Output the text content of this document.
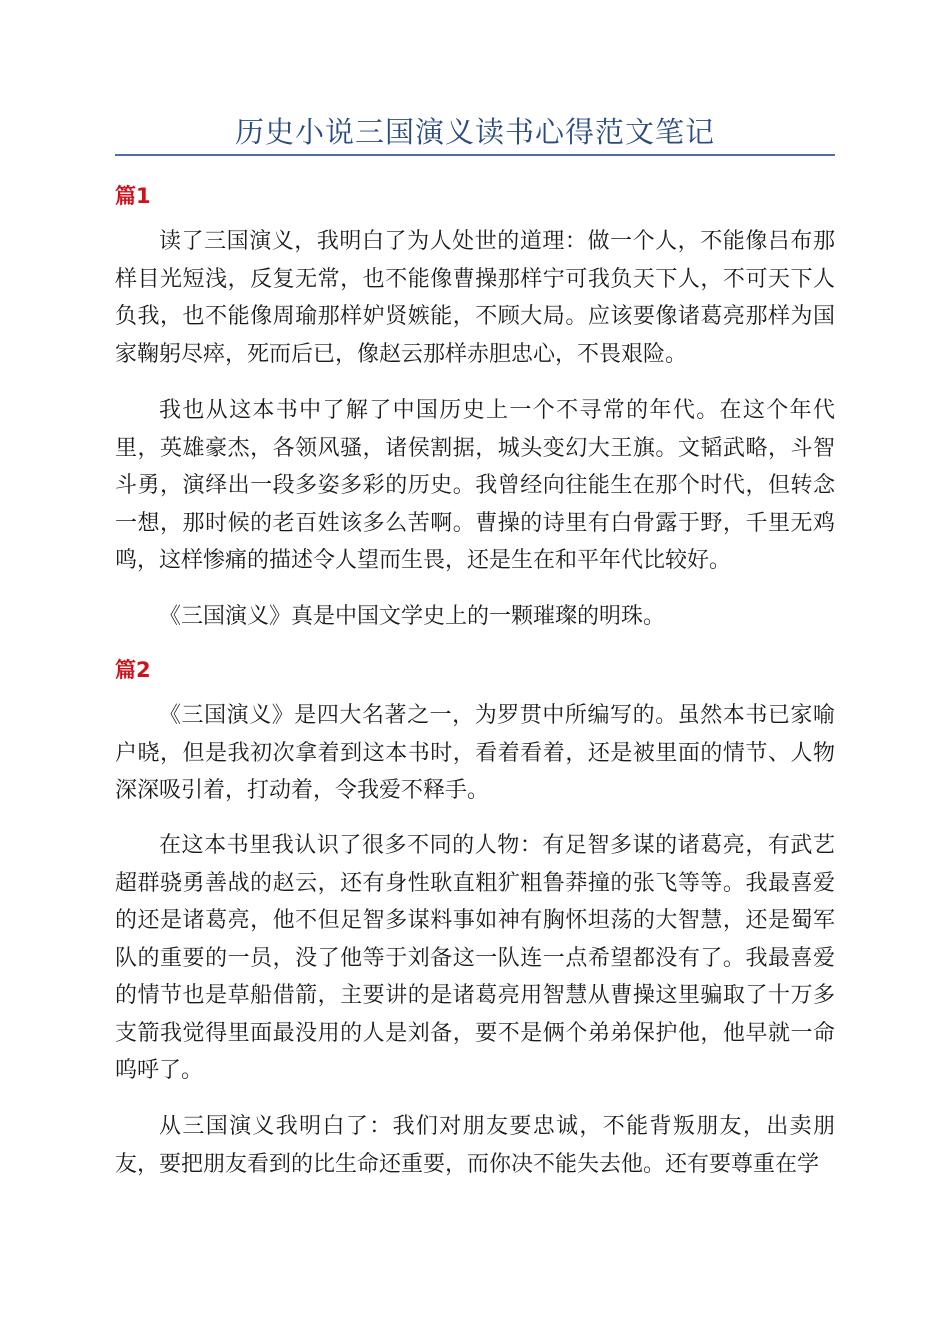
历史小说三国演义读书心得范文笔记
篇1

读了三国演义，我明白了为人处世的道理：做一个人，不能像吕布那样目光短浅，反复无常，也不能像曹操那样宁可我负天下人，不可天下人负我，也不能像周瑜那样妒贤嫉能，不顾大局。应该要像诸葛亮那样为国家鞠躬尽瘁，死而后已，像赵云那样赤胆忠心，不畏艰险。

我也从这本书中了解了中国历史上一个不寻常的年代。在这个年代里，英雄豪杰，各领风骚，诸侯割据，城头变幻大王旗。文韬武略，斗智斗勇，演绎出一段多姿多彩的历史。我曾经向往能生在那个时代，但转念一想，那时候的老百姓该多么苦啊。曹操的诗里有白骨露于野，千里无鸡鸣，这样惨痛的描述令人望而生畏，还是生在和平年代比较好。

《三国演义》真是中国文学史上的一颗璀璨的明珠。

篇2

《三国演义》是四大名著之一，为罗贯中所编写的。虽然本书已家喻户晓，但是我初次拿着到这本书时，看着看着，还是被里面的情节、人物深深吸引着，打动着，令我爱不释手。

在这本书里我认识了很多不同的人物：有足智多谋的诸葛亮，有武艺超群骁勇善战的赵云，还有身性耿直粗犷粗鲁莽撞的张飞等等。我最喜爱的还是诸葛亮，他不但足智多谋料事如神有胸怀坦荡的大智慧，还是蜀军队的重要的一员，没了他等于刘备这一队连一点希望都没有了。我最喜爱的情节也是草船借箭，主要讲的是诸葛亮用智慧从曹操这里骗取了十万多支箭我觉得里面最没用的人是刘备，要不是俩个弟弟保护他，他早就一命呜呼了。

从三国演义我明白了：我们对朋友要忠诚，不能背叛朋友，出卖朋友，要把朋友看到的比生命还重要，而你决不能失去他。还有要尊重在学
